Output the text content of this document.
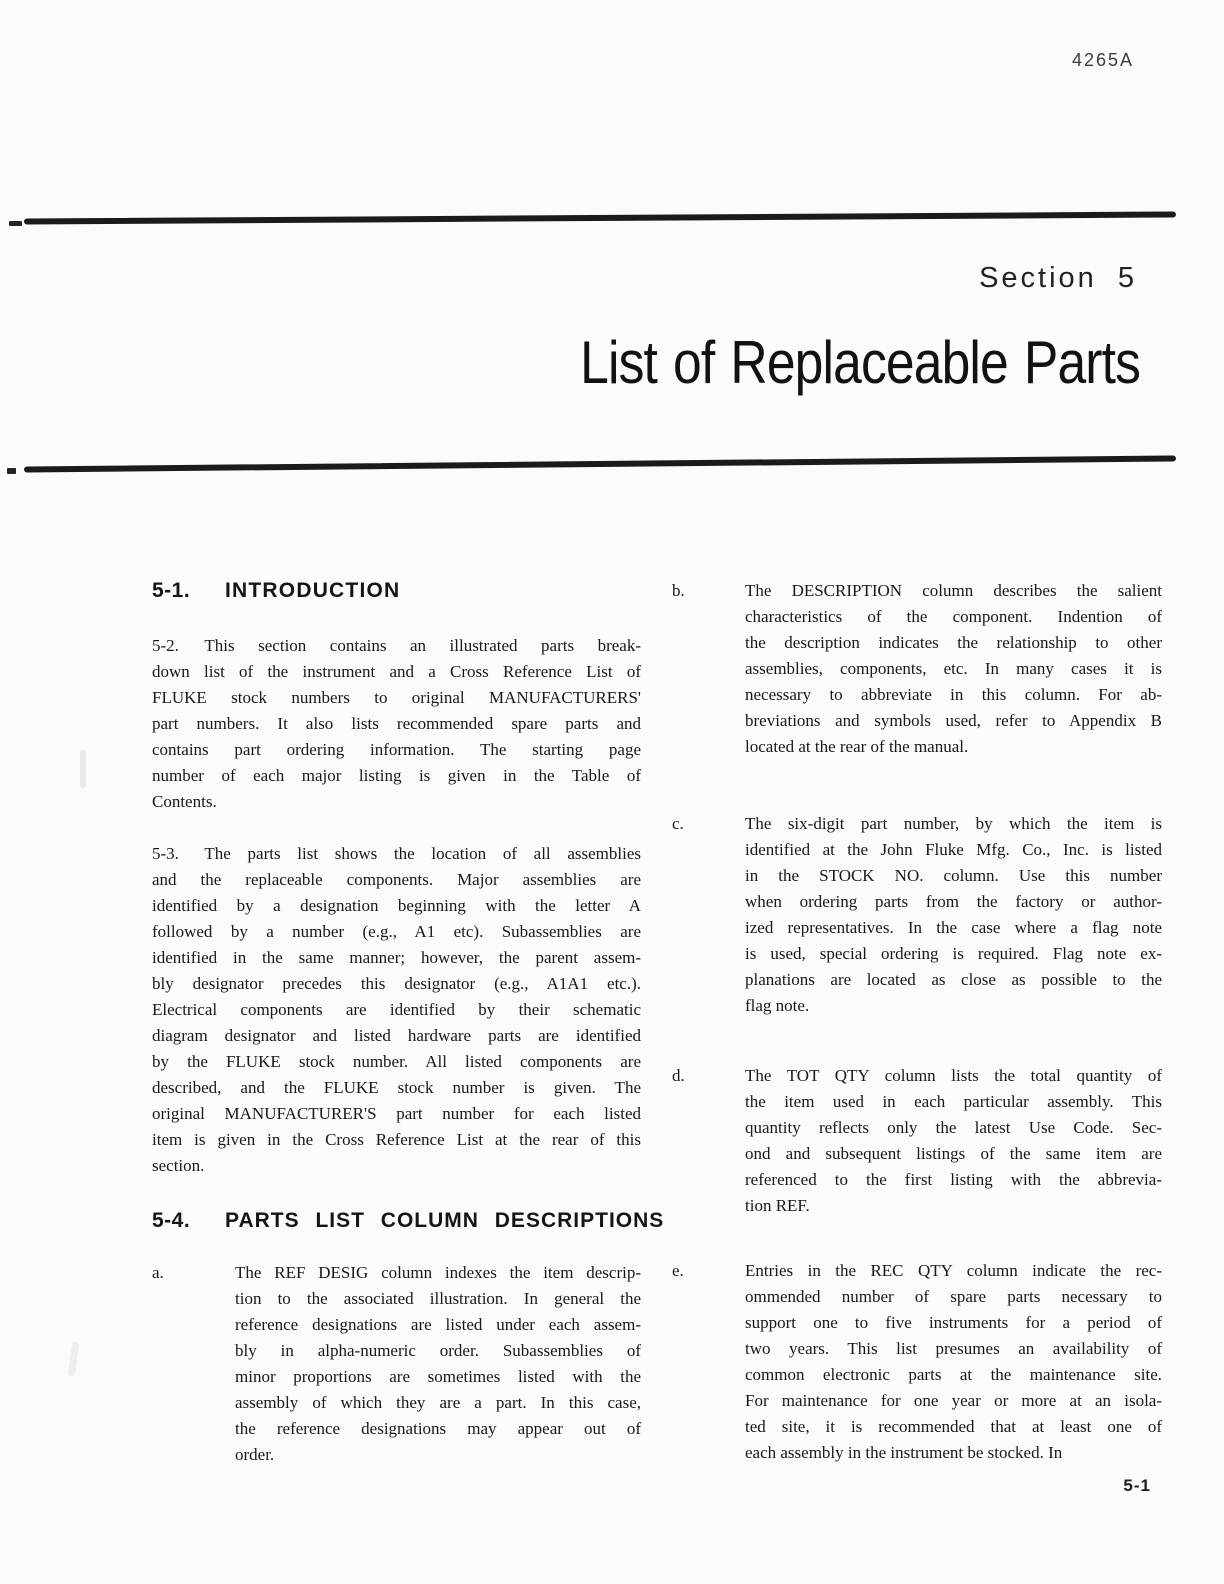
4265A
Section 5
List of Replaceable Parts
5-1.	INTRODUCTION
5-2.  This section contains an illustrated parts break-
down list of the instrument and a Cross Reference List of
FLUKE stock numbers to original MANUFACTURERS'
part numbers. It also lists recommended spare parts and
contains part ordering information. The starting page
number of each major listing is given in the Table of
Contents.
5-3.  The parts list shows the location of all assemblies
and the replaceable components. Major assemblies are
identified by a designation beginning with the letter A
followed by a number (e.g., A1 etc). Subassemblies are
identified in the same manner; however, the parent assem-
bly designator precedes this designator (e.g., A1A1 etc.).
Electrical components are identified by their schematic
diagram designator and listed hardware parts are identified
by the FLUKE stock number. All listed components are
described, and the FLUKE stock number is given. The
original MANUFACTURER'S part number for each listed
item is given in the Cross Reference List at the rear of this
section.
5-4.	PARTS LIST COLUMN DESCRIPTIONS
a.	The REF DESIG column indexes the item descrip-
tion to the associated illustration. In general the
reference designations are listed under each assem-
bly in alpha-numeric order. Subassemblies of
minor proportions are sometimes listed with the
assembly of which they are a part. In this case,
the reference designations may appear out of
order.
b.	The DESCRIPTION column describes the salient
characteristics of the component. Indention of
the description indicates the relationship to other
assemblies, components, etc. In many cases it is
necessary to abbreviate in this column. For ab-
breviations and symbols used, refer to Appendix B
located at the rear of the manual.
c.	The six-digit part number, by which the item is
identified at the John Fluke Mfg. Co., Inc. is listed
in the STOCK NO. column. Use this number
when ordering parts from the factory or author-
ized representatives. In the case where a flag note
is used, special ordering is required. Flag note ex-
planations are located as close as possible to the
flag note.
d.	The TOT QTY column lists the total quantity of
the item used in each particular assembly. This
quantity reflects only the latest Use Code. Sec-
ond and subsequent listings of the same item are
referenced to the first listing with the abbrevia-
tion REF.
e.	Entries in the REC QTY column indicate the rec-
ommended number of spare parts necessary to
support one to five instruments for a period of
two years. This list presumes an availability of
common electronic parts at the maintenance site.
For maintenance for one year or more at an isola-
ted site, it is recommended that at least one of
each assembly in the instrument be stocked. In
5-1
